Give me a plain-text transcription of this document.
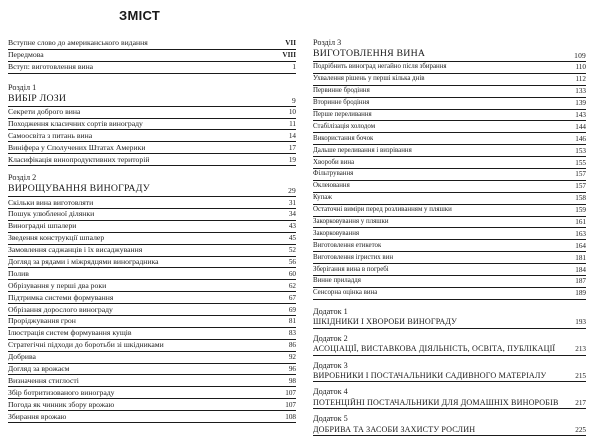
ЗМІСТ
Вступне слово до американського видання	VII
Передмова	VIII
Вступ: виготовлення вина	1
Розділ 1
ВИБІР ЛОЗИ	9
Секрети доброго вина	10
Походження класичних сортів винограду	11
Самоосвіта з питань вина	14
Виніфера у Сполучених Штатах Америки	17
Класифікація винопродуктивних територій	19
Розділ 2
ВИРОЩУВАННЯ ВИНОГРАДУ	29
Скільки вина виготовляти	31
Пошук улюбленої ділянки	34
Виноградні шпалери	43
Зведення конструкції шпалер	45
Замовлення саджанців і їх висаджування	52
Догляд за рядами і міжрядцями виноградника	56
Полив	60
Обрізування у перші два роки	62
Підтримка системи формування	67
Обрізання дорослого винограду	69
Проріджування грон	81
Ілюстрація систем формування кущів	83
Стратегічні підходи до боротьби зі шкідниками	86
Добрива	92
Догляд за врожаєм	96
Визначення стиглості	98
Збір ботритизованого винограду	107
Погода як чинник збору врожаю	107
Збирання врожаю	108
Розділ 3
ВИГОТОВЛЕННЯ ВИНА	109
Подрібнить виноград негайно після збирання	110
Ухвалення рішень у перші кілька днів	112
Первинне бродіння	133
Вторинне бродіння	139
Перше переливання	143
Стабілізація холодом	144
Використання бочок	146
Дальше переливання і визрівання	153
Хвороби вина	155
Фільтрування	157
Оклеювання	157
Купаж	158
Остаточні виміри перед розливанням у пляшки	159
Закорковування у пляшки	161
Закорковування	163
Виготовлення етикеток	164
Виготовлення ігристих вин	181
Зберігання вина в погребі	184
Винне приладдя	187
Сенсорна оцінка вина	189
Додаток 1
ШКІДНИКИ І ХВОРОБИ ВИНОГРАДУ	193
Додаток 2
АСОЦІАЦІЇ, ВИСТАВКОВА ДІЯЛЬНІСТЬ, ОСВІТА, ПУБЛІКАЦІЇ	213
Додаток 3
ВИРОБНИКИ І ПОСТАЧАЛЬНИКИ САДИВНОГО МАТЕРІАЛУ	215
Додаток 4
ПОТЕНЦІЙНІ ПОСТАЧАЛЬНИКИ ДЛЯ ДОМАШНІХ ВИНОРОБІВ	217
Додаток 5
ДОБРИВА ТА ЗАСОБИ ЗАХИСТУ РОСЛИН	225
